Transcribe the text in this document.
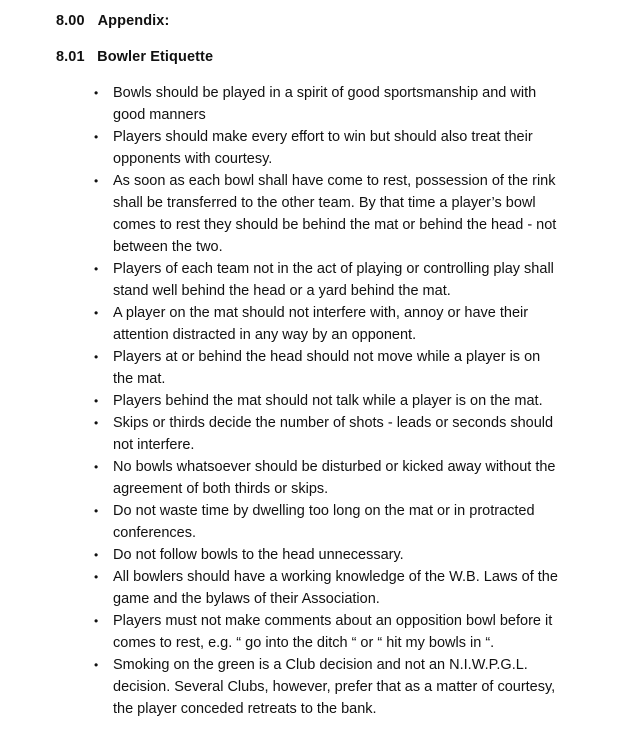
8.00 Appendix:
8.01 Bowler Etiquette
• Bowls should be played in a spirit of good sportsmanship and with good manners
• Players should make every effort to win but should also treat their opponents with courtesy.
• As soon as each bowl shall have come to rest, possession of the rink shall be transferred to the other team. By that time a player’s bowl comes to rest they should be behind the mat or behind the head - not between the two.
• Players of each team not in the act of playing or controlling play shall stand well behind the head or a yard behind the mat.
• A player on the mat should not interfere with, annoy or have their attention distracted in any way by an opponent.
• Players at or behind the head should not move while a player is on the mat.
• Players behind the mat should not talk while a player is on the mat.
• Skips or thirds decide the number of shots - leads or seconds should not interfere.
• No bowls whatsoever should be disturbed or kicked away without the agreement of both thirds or skips.
• Do not waste time by dwelling too long on the mat or in protracted conferences.
• Do not follow bowls to the head unnecessary.
• All bowlers should have a working knowledge of the W.B. Laws of the game and the bylaws of their Association.
• Players must not make comments about an opposition bowl before it comes to rest, e.g. “ go into the ditch “ or “ hit my bowls in “.
• Smoking on the green is a Club decision and not an N.I.W.P.G.L. decision. Several Clubs, however, prefer that as a matter of courtesy, the player conceded retreats to the bank.
